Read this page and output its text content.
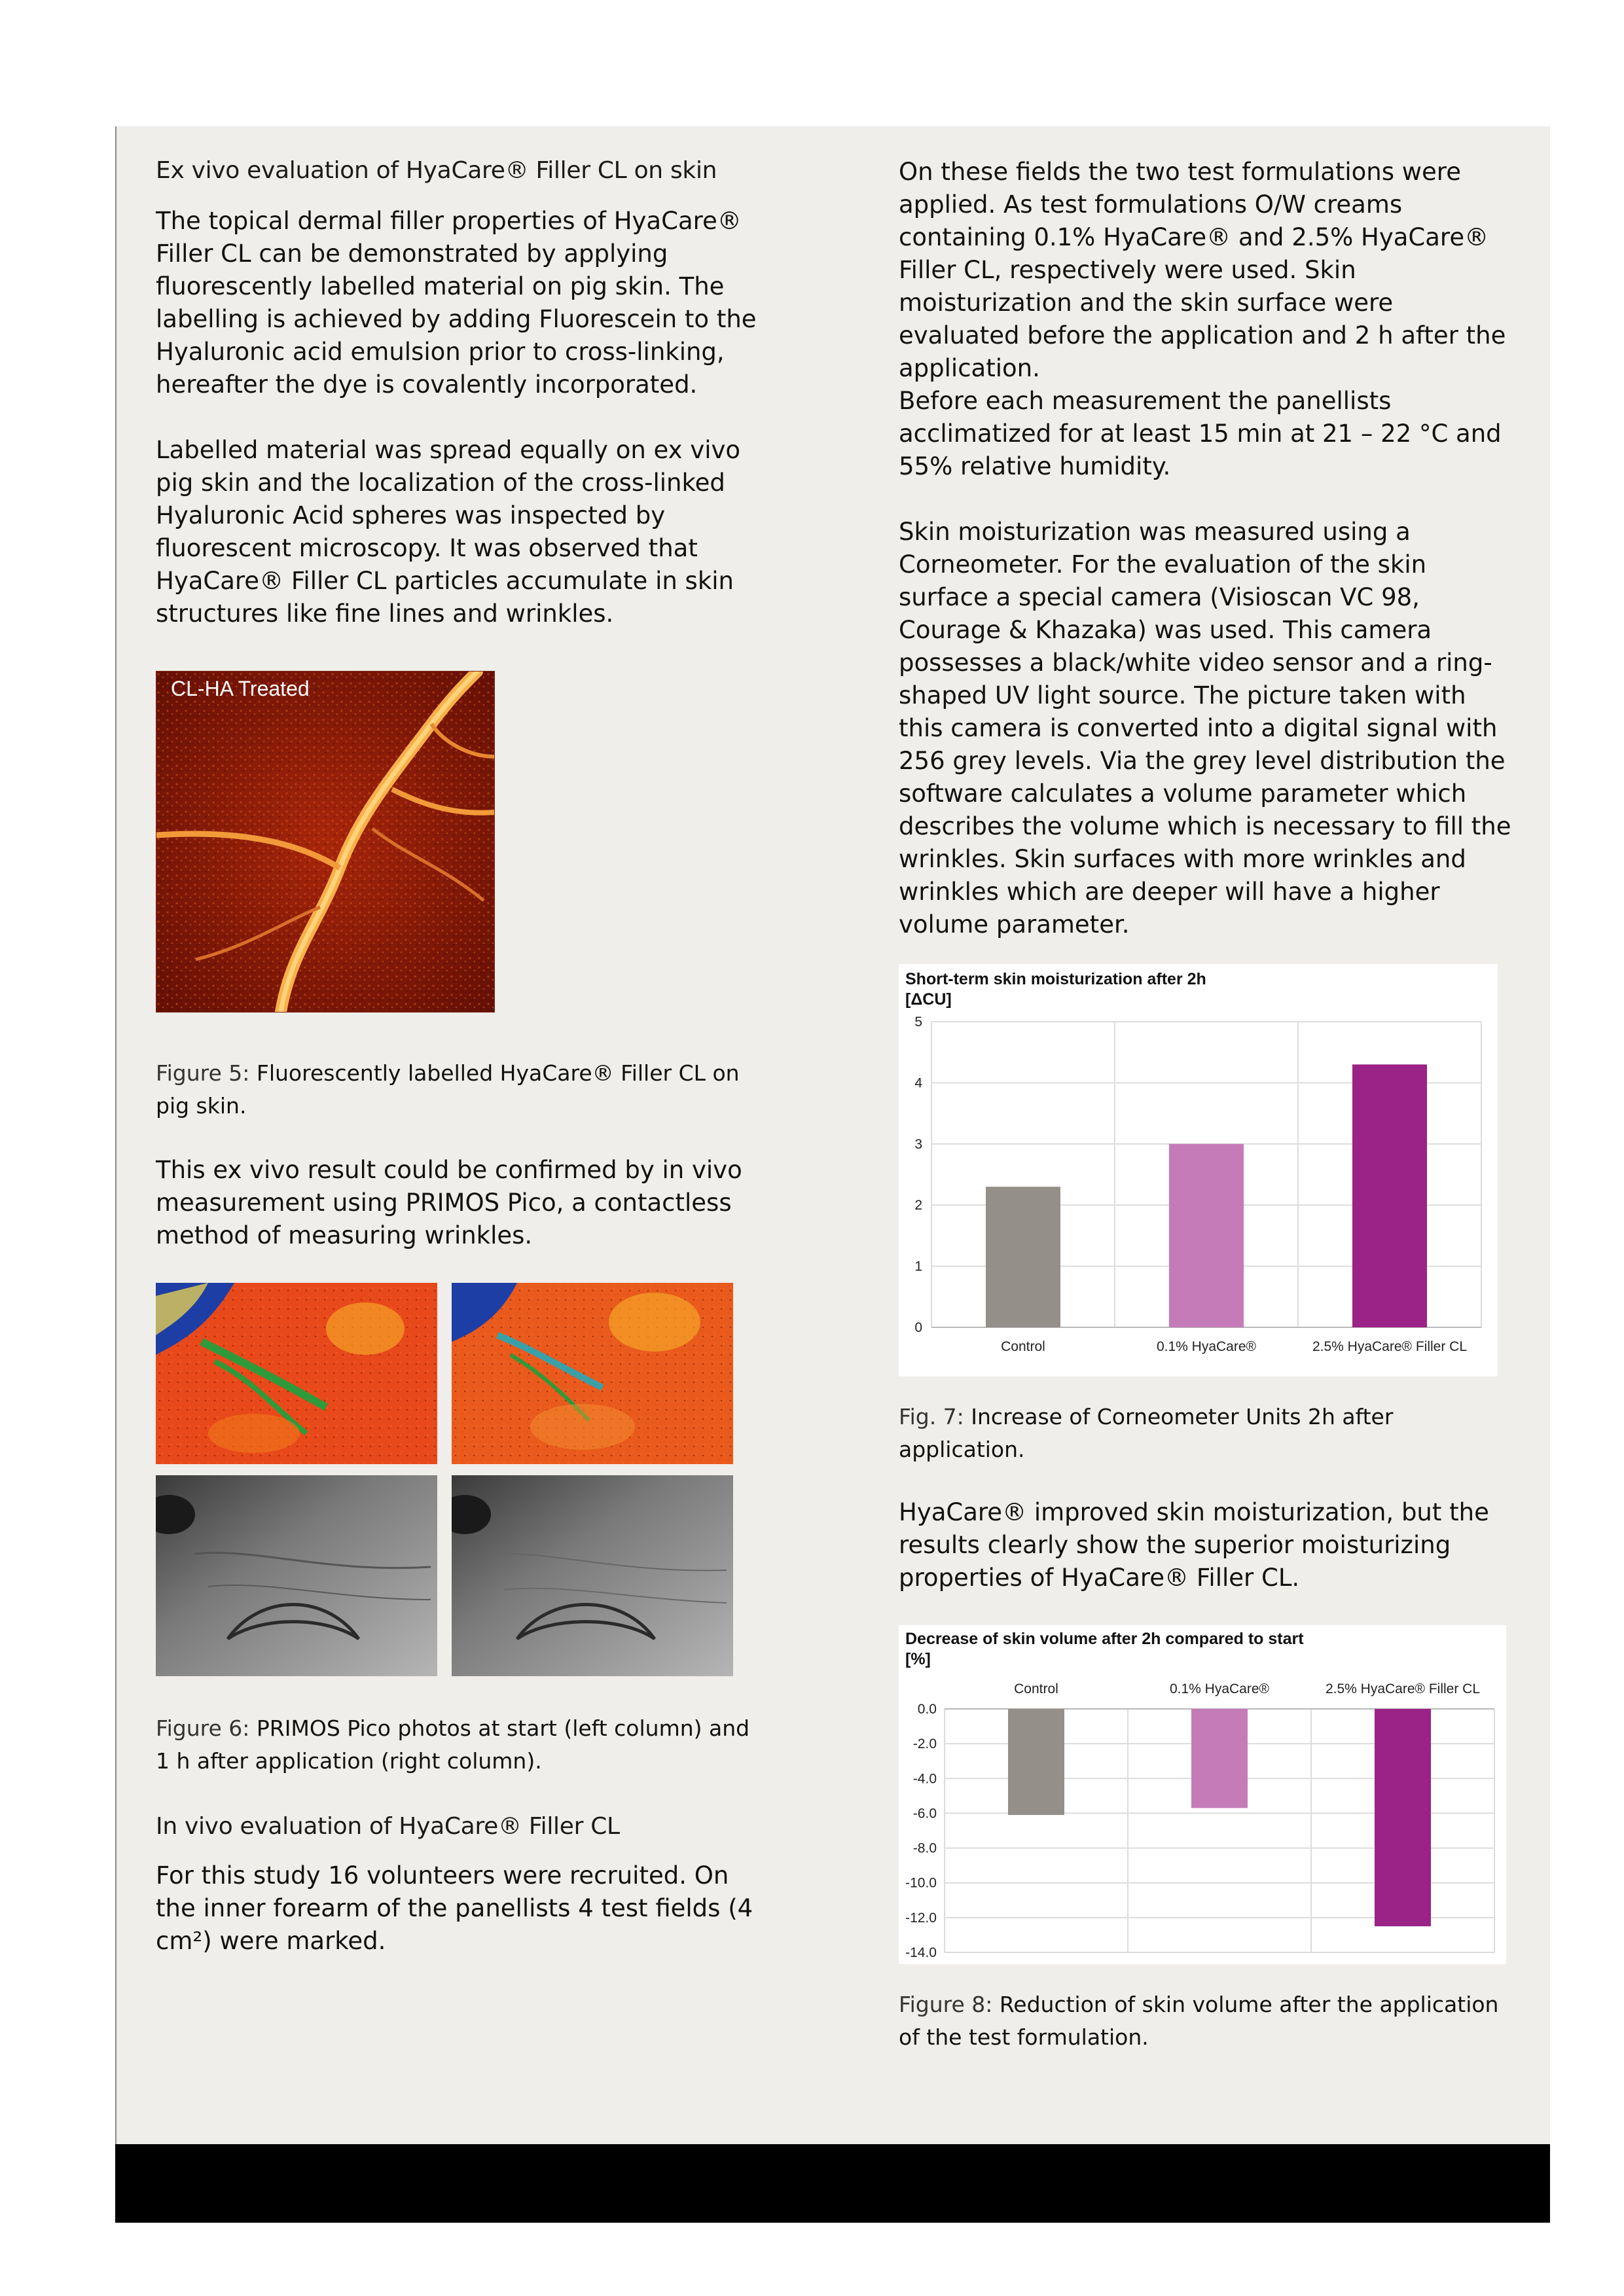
Ex vivo evaluation of HyaCare® Filler CL on skin

The topical dermal filler properties of HyaCare® Filler CL can be demonstrated by applying fluorescently labelled material on pig skin. The labelling is achieved by adding Fluorescein to the Hyaluronic acid emulsion prior to cross-linking, hereafter the dye is covalently incorporated.

Labelled material was spread equally on ex vivo pig skin and the localization of the cross-linked Hyaluronic Acid spheres was inspected by fluorescent microscopy. It was observed that HyaCare® Filler CL particles accumulate in skin structures like fine lines and wrinkles.

CL-HA Treated

Figure 5: Fluorescently labelled HyaCare® Filler CL on pig skin.

This ex vivo result could be confirmed by in vivo measurement using PRIMOS Pico, a contactless method of measuring wrinkles.

Figure 6: PRIMOS Pico photos at start (left column) and 1 h after application (right column).

In vivo evaluation of HyaCare® Filler CL

For this study 16 volunteers were recruited. On the inner forearm of the panellists 4 test fields (4 cm²) were marked.

On these fields the two test formulations were applied. As test formulations O/W creams containing 0.1% HyaCare® and 2.5% HyaCare® Filler CL, respectively were used. Skin moisturization and the skin surface were evaluated before the application and 2 h after the application.

Before each measurement the panellists acclimatized for at least 15 min at 21 – 22 °C and 55% relative humidity.

Skin moisturization was measured using a Corneometer. For the evaluation of the skin surface a special camera (Visioscan VC 98, Courage & Khazaka) was used. This camera possesses a black/white video sensor and a ring-shaped UV light source. The picture taken with this camera is converted into a digital signal with 256 grey levels. Via the grey level distribution the software calculates a volume parameter which describes the volume which is necessary to fill the wrinkles. Skin surfaces with more wrinkles and wrinkles which are deeper will have a higher volume parameter.

Short-term skin moisturization after 2h
[ΔCU]
0
1
2
3
4
5
Control	0.1% HyaCare®	2.5% HyaCare® Filler CL

Fig. 7: Increase of Corneometer Units 2h after application.

HyaCare® improved skin moisturization, but the results clearly show the superior moisturizing properties of HyaCare® Filler CL.

Decrease of skin volume after 2h compared to start
[%]
0.0
-2.0
-4.0
-6.0
-8.0
-10.0
-12.0
-14.0
Control	0.1% HyaCare®	2.5% HyaCare® Filler CL

Figure 8: Reduction of skin volume after the application of the test formulation.
